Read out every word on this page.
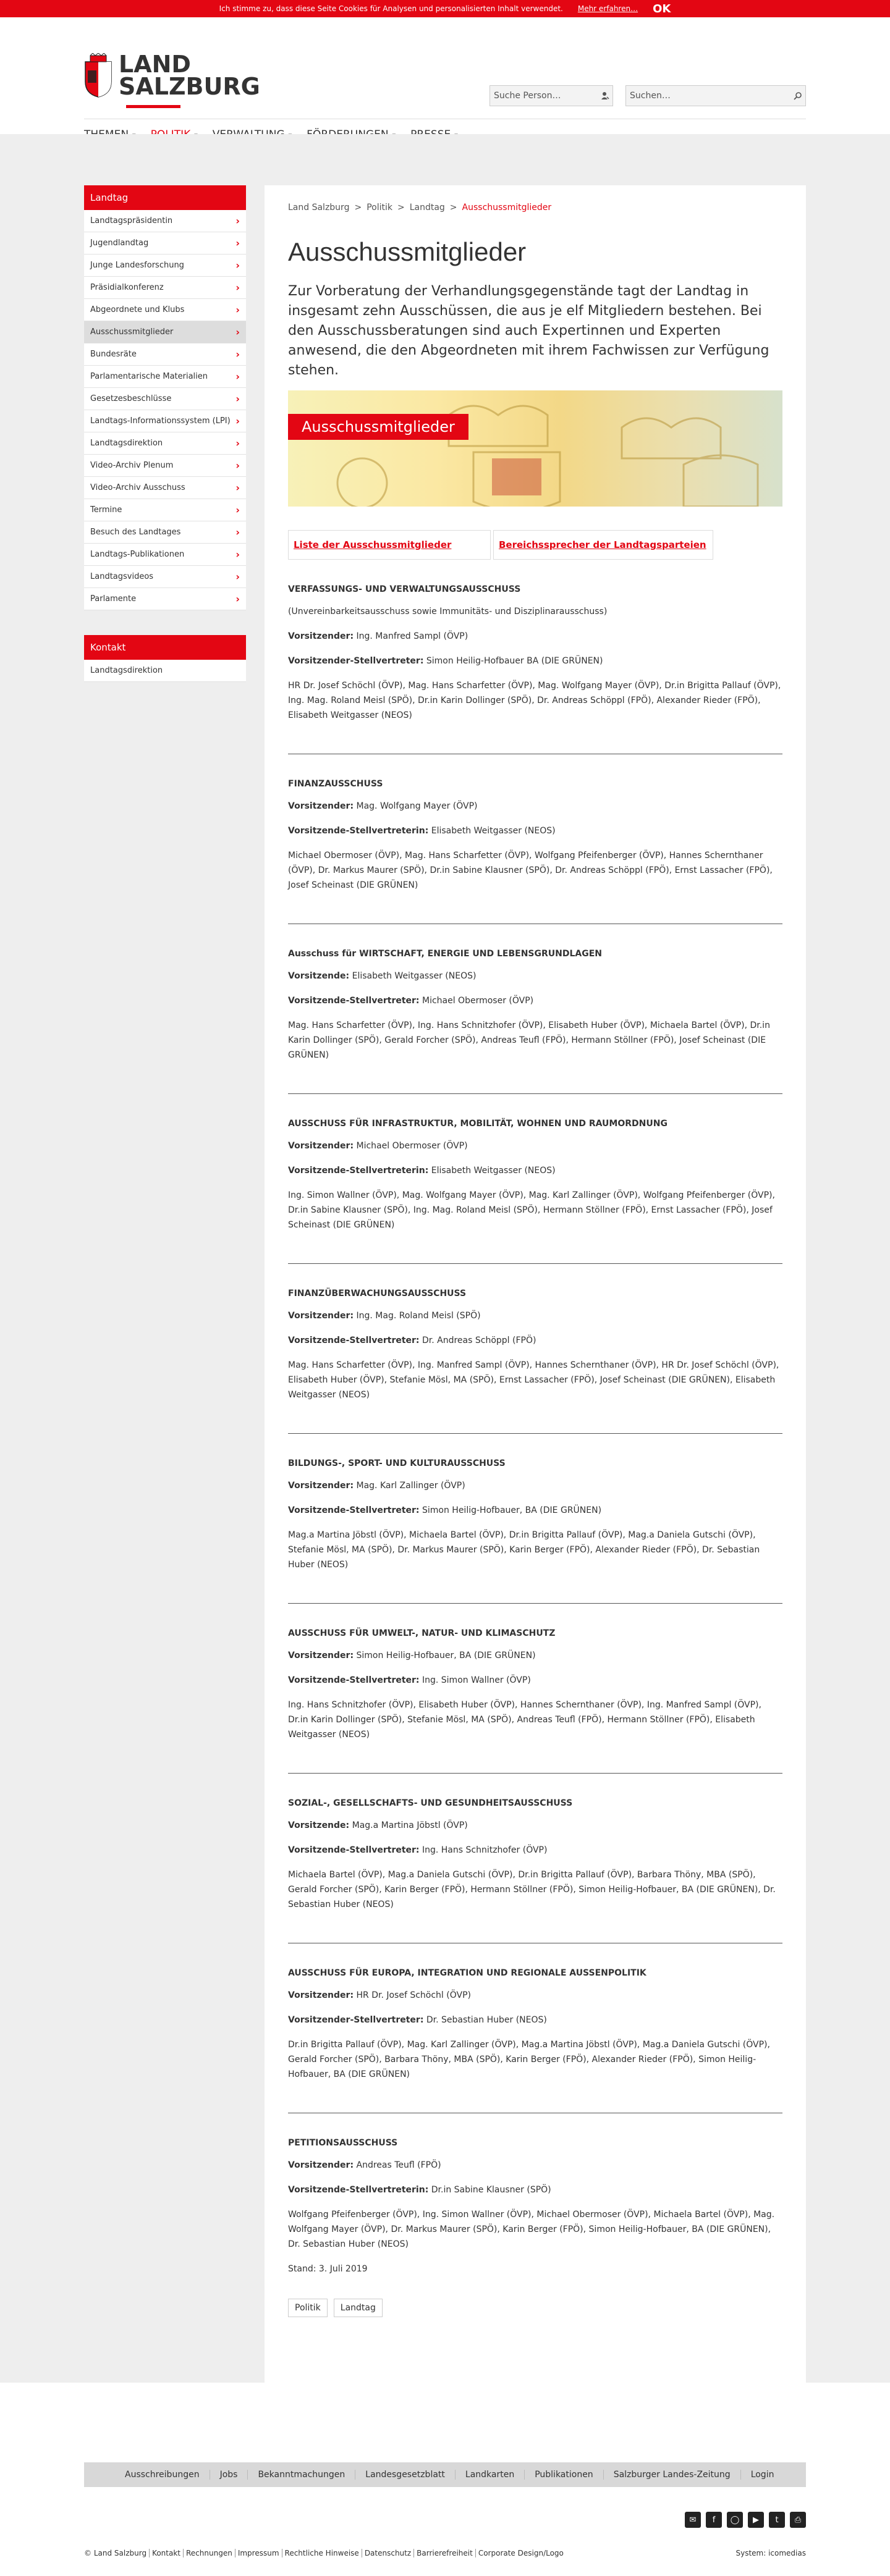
Ich stimme zu, dass diese Seite Cookies für Analysen und personalisierten Inhalt verwendet. Mehr erfahren… OK
LAND
SALZBURG	Suche Person…	Suchen…
Landtag
Landtagspräsidentin	›
Jugendlandtag	›
Junge Landesforschung	›
Präsidialkonferenz	›
Abgeordnete und Klubs	›
Ausschussmitglieder	›
Bundesräte	›
Parlamentarische Materialien	›
Gesetzesbeschlüsse	›
Landtags-Informationssystem (LPI) ›
Landtagsdirektion	›
Video-Archiv Plenum	›
Video-Archiv Ausschuss	›
Termine	›
Besuch des Landtages	›
Landtags-Publikationen	›
Landtagsvideos	›
Parlamente	›
Kontakt
Landtagsdirektion
Land Salzburg > Politik > Landtag > Ausschussmitglieder
Ausschussmitglieder

Zur Vorberatung der Verhandlungsgegenstände tagt der Landtag in insgesamt zehn Ausschüssen, die aus je elf Mitgliedern bestehen. Bei den Ausschussberatungen sind auch Expertinnen und Experten anwesend, die den Abgeordneten mit ihrem Fachwissen zur Verfügung stehen.

Ausschussmitglieder
Liste der Ausschussmitglieder	Bereichssprecher der Landtagsparteien
VERFASSUNGS- UND VERWALTUNGSAUSSCHUSS

(Unvereinbarkeitsausschuss sowie Immunitäts- und Disziplinarausschuss)

Vorsitzender: Ing. Manfred Sampl (ÖVP)

Vorsitzender-Stellvertreter: Simon Heilig-Hofbauer BA (DIE GRÜNEN)

HR Dr. Josef Schöchl (ÖVP), Mag. Hans Scharfetter (ÖVP), Mag. Wolfgang Mayer (ÖVP), Dr.in Brigitta Pallauf (ÖVP), Ing. Mag. Roland Meisl (SPÖ), Dr.in Karin Dollinger (SPÖ), Dr. Andreas Schöppl (FPÖ), Alexander Rieder (FPÖ), Elisabeth Weitgasser (NEOS)

FINANZAUSSCHUSS

Vorsitzender: Mag. Wolfgang Mayer (ÖVP)

Vorsitzende-Stellvertreterin: Elisabeth Weitgasser (NEOS)

Michael Obermoser (ÖVP), Mag. Hans Scharfetter (ÖVP), Wolfgang Pfeifenberger (ÖVP), Hannes Schernthaner (ÖVP), Dr. Markus Maurer (SPÖ), Dr.in Sabine Klausner (SPÖ), Dr. Andreas Schöppl (FPÖ), Ernst Lassacher (FPÖ), Josef Scheinast (DIE GRÜNEN)

Ausschuss für WIRTSCHAFT, ENERGIE UND LEBENSGRUNDLAGEN

Vorsitzende: Elisabeth Weitgasser (NEOS)

Vorsitzende-Stellvertreter: Michael Obermoser (ÖVP)

Mag. Hans Scharfetter (ÖVP), Ing. Hans Schnitzhofer (ÖVP), Elisabeth Huber (ÖVP), Michaela Bartel (ÖVP), Dr.in Karin Dollinger (SPÖ), Gerald Forcher (SPÖ), Andreas Teufl (FPÖ), Hermann Stöllner (FPÖ), Josef Scheinast (DIE GRÜNEN)

AUSSCHUSS FÜR INFRASTRUKTUR, MOBILITÄT, WOHNEN UND RAUMORDNUNG

Vorsitzender: Michael Obermoser (ÖVP)

Vorsitzende-Stellvertreterin: Elisabeth Weitgasser (NEOS)

Ing. Simon Wallner (ÖVP), Mag. Wolfgang Mayer (ÖVP), Mag. Karl Zallinger (ÖVP), Wolfgang Pfeifenberger (ÖVP), Dr.in Sabine Klausner (SPÖ), Ing. Mag. Roland Meisl (SPÖ), Hermann Stöllner (FPÖ), Ernst Lassacher (FPÖ), Josef Scheinast (DIE GRÜNEN)

FINANZÜBERWACHUNGSAUSSCHUSS

Vorsitzender: Ing. Mag. Roland Meisl (SPÖ)

Vorsitzende-Stellvertreter: Dr. Andreas Schöppl (FPÖ)

Mag. Hans Scharfetter (ÖVP), Ing. Manfred Sampl (ÖVP), Hannes Schernthaner (ÖVP), HR Dr. Josef Schöchl (ÖVP), Elisabeth Huber (ÖVP), Stefanie Mösl, MA (SPÖ), Ernst Lassacher (FPÖ), Josef Scheinast (DIE GRÜNEN), Elisabeth Weitgasser (NEOS)

BILDUNGS-, SPORT- UND KULTURAUSSCHUSS

Vorsitzender: Mag. Karl Zallinger (ÖVP)

Vorsitzende-Stellvertreter: Simon Heilig-Hofbauer, BA (DIE GRÜNEN)

Mag.a Martina Jöbstl (ÖVP), Michaela Bartel (ÖVP), Dr.in Brigitta Pallauf (ÖVP), Mag.a Daniela Gutschi (ÖVP), Stefanie Mösl, MA (SPÖ), Dr. Markus Maurer (SPÖ), Karin Berger (FPÖ), Alexander Rieder (FPÖ), Dr. Sebastian Huber (NEOS)

AUSSCHUSS FÜR UMWELT-, NATUR- UND KLIMASCHUTZ

Vorsitzender: Simon Heilig-Hofbauer, BA (DIE GRÜNEN)

Vorsitzende-Stellvertreter: Ing. Simon Wallner (ÖVP)

Ing. Hans Schnitzhofer (ÖVP), Elisabeth Huber (ÖVP), Hannes Schernthaner (ÖVP), Ing. Manfred Sampl (ÖVP), Dr.in Karin Dollinger (SPÖ), Stefanie Mösl, MA (SPÖ), Andreas Teufl (FPÖ), Hermann Stöllner (FPÖ), Elisabeth Weitgasser (NEOS)

SOZIAL-, GESELLSCHAFTS- UND GESUNDHEITSAUSSCHUSS

Vorsitzende: Mag.a Martina Jöbstl (ÖVP)

Vorsitzende-Stellvertreter: Ing. Hans Schnitzhofer (ÖVP)

Michaela Bartel (ÖVP), Mag.a Daniela Gutschi (ÖVP), Dr.in Brigitta Pallauf (ÖVP), Barbara Thöny, MBA (SPÖ), Gerald Forcher (SPÖ), Karin Berger (FPÖ), Hermann Stöllner (FPÖ), Simon Heilig-Hofbauer, BA (DIE GRÜNEN), Dr. Sebastian Huber (NEOS)

AUSSCHUSS FÜR EUROPA, INTEGRATION UND REGIONALE AUSSENPOLITIK

Vorsitzender: HR Dr. Josef Schöchl (ÖVP)

Vorsitzender-Stellvertreter: Dr. Sebastian Huber (NEOS)

Dr.in Brigitta Pallauf (ÖVP), Mag. Karl Zallinger (ÖVP), Mag.a Martina Jöbstl (ÖVP), Mag.a Daniela Gutschi (ÖVP), Gerald Forcher (SPÖ), Barbara Thöny, MBA (SPÖ), Karin Berger (FPÖ), Alexander Rieder (FPÖ), Simon Heilig-Hofbauer, BA (DIE GRÜNEN)

PETITIONSAUSSCHUSS

Vorsitzender: Andreas Teufl (FPÖ)

Vorsitzende-Stellvertreterin: Dr.in Sabine Klausner (SPÖ)

Wolfgang Pfeifenberger (ÖVP), Ing. Simon Wallner (ÖVP), Michael Obermoser (ÖVP), Michaela Bartel (ÖVP), Mag. Wolfgang Mayer (ÖVP), Dr. Markus Maurer (SPÖ), Karin Berger (FPÖ), Simon Heilig-Hofbauer, BA (DIE GRÜNEN), Dr. Sebastian Huber (NEOS)

Stand: 3. Juli 2019

Politik	Landtag
Ausschreibungen	Jobs	Bekanntmachungen	Landesgesetzblatt	Landkarten	Publikationen	Salzburger Landes-Zeitung	Login
✉	f	◯	▶	t	⎙
© Land Salzburg Kontakt Rechnungen Impressum Rechtliche Hinweise Datenschutz Barrierefreiheit Corporate Design/Logo	System: icomedias
